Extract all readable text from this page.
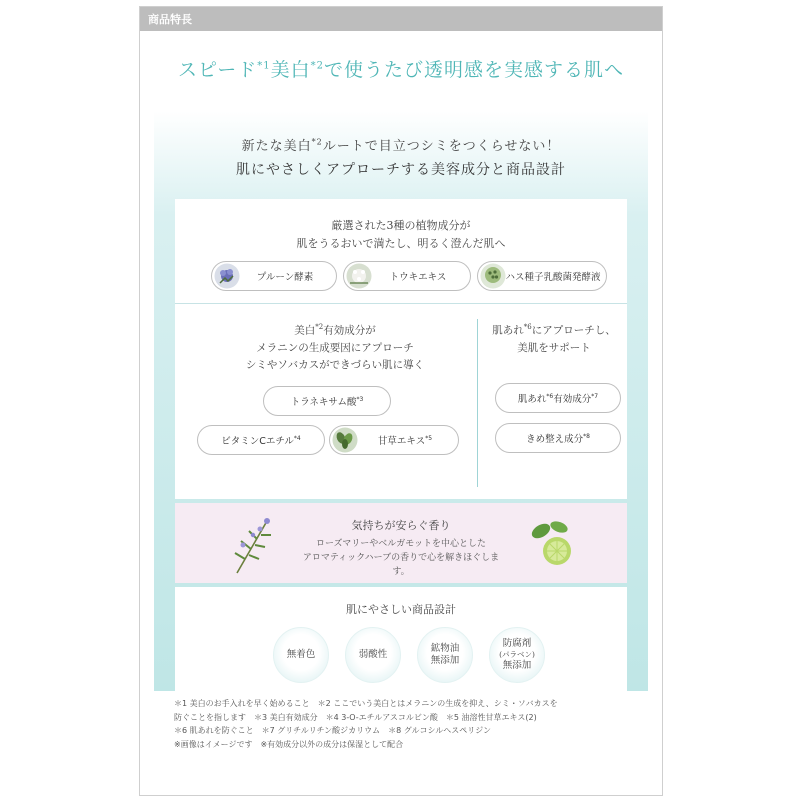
商品特長
スピード$^{*1}$美白$^{*2}$で使うたび透明感を実感する肌へ
新たな美白$^{*2}$ルートで目立つシミをつくらせない！
肌にやさしくアプローチする美容成分と商品設計
厳選された3種の植物成分が
肌をうるおいで満たし、明るく澄んだ肌へ
プルーン酵素	トウキエキス	ハス種子乳酸菌発酵液
美白$^{*2}$有効成分が
メラニンの生成要因にアプローチ
シミやソバカスができづらい肌に導く
トラネキサム酸$^{*3}$
ビタミンCエチル$^{*4}$	甘草エキス$^{*5}$
肌あれ$^{*6}$にアプローチし、
美肌をサポート
肌あれ$^{*6}$有効成分$^{*7}$
きめ整え成分$^{*8}$
気持ちが安らぐ香り
ローズマリーやベルガモットを中心とした
アロマティックハーブの香りで心を解きほぐします。
肌にやさしい商品設計
無着色	弱酸性
鉱物油
無添加
防腐剤
(パラベン)
無添加
＊1 美白のお手入れを早く始めること　＊2 ここでいう美白とはメラニンの生成を抑え、シミ・ソバカスを
防ぐことを指します　＊3 美白有効成分　＊4 3-O-エチルアスコルビン酸　＊5 油溶性甘草エキス(2)
＊6 肌あれを防ぐこと　＊7 グリチルリチン酸ジカリウム　＊8 グルコシルヘスペリジン
※画像はイメージです　※有効成分以外の成分は保湿として配合
